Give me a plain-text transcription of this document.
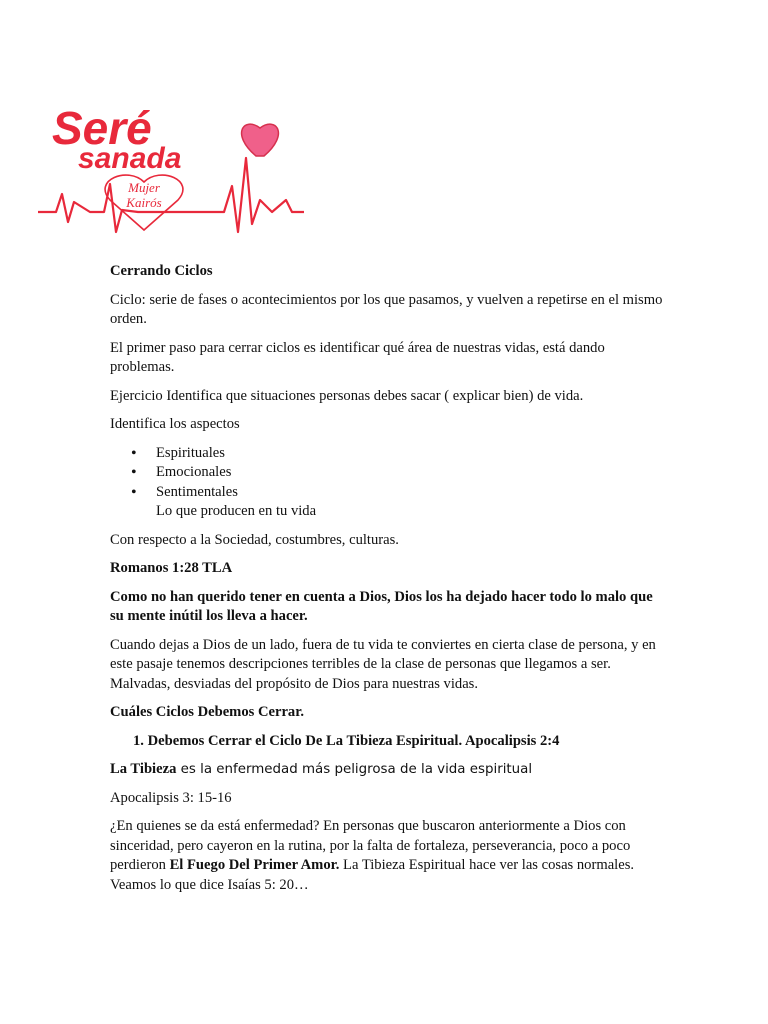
Mujer
Kairós
Seré
sanada

Cerrando Ciclos

Ciclo: serie de fases o acontecimientos por los que pasamos, y vuelven a repetirse en el mismo orden.

El primer paso para cerrar ciclos es identificar qué área de nuestras vidas, está dando problemas.

Ejercicio Identifica que situaciones personas debes sacar ( explicar bien) de vida.

Identifica los aspectos

• Espirituales
• Emocionales
• Sentimentales
Lo que producen en tu vida

Con respecto a la Sociedad, costumbres, culturas.

Romanos 1:28 TLA

Como no han querido tener en cuenta a Dios, Dios los ha dejado hacer todo lo malo que su mente inútil los lleva a hacer.

Cuando dejas a Dios de un lado, fuera de tu vida te conviertes en cierta clase de persona, y en este pasaje tenemos descripciones terribles de la clase de personas que llegamos a ser. Malvadas, desviadas del propósito de Dios para nuestras vidas.

Cuáles Ciclos Debemos Cerrar.

1. Debemos Cerrar el Ciclo De La Tibieza Espiritual. Apocalipsis 2:4

La Tibieza es la enfermedad más peligrosa de la vida espiritual

Apocalipsis 3: 15-16

¿En quienes se da está enfermedad? En personas que buscaron anteriormente a Dios con sinceridad, pero cayeron en la rutina, por la falta de fortaleza, perseverancia, poco a poco perdieron El Fuego Del Primer Amor. La Tibieza Espiritual hace ver las cosas normales. Veamos lo que dice Isaías 5: 20…
